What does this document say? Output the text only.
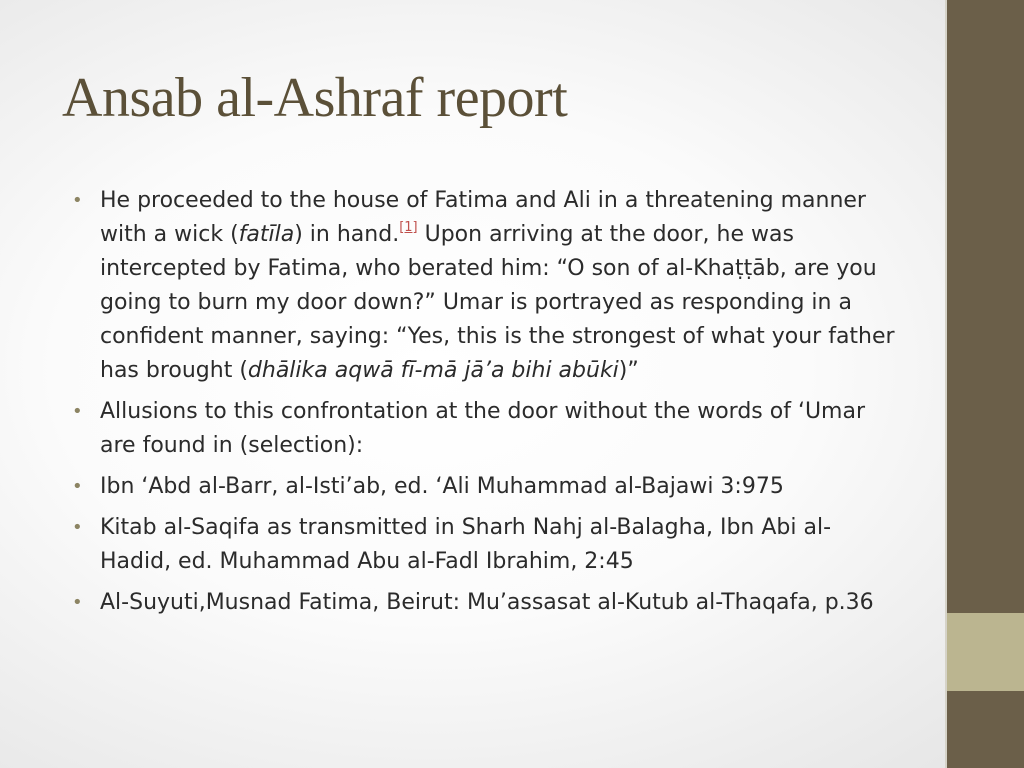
Ansab al-Ashraf report
• He proceeded to the house of Fatima and Ali in a threatening manner with a wick (fatīla) in hand.[1] Upon arriving at the door, he was intercepted by Fatima, who berated him: “O son of al-Khaṭṭāb, are you going to burn my door down?” Umar is portrayed as responding in a confident manner, saying: “Yes, this is the strongest of what your father has brought (dhālika aqwā fī-mā jā’a bihi abūki)”
• Allusions to this confrontation at the door without the words of ‘Umar are found in (selection):
• Ibn ‘Abd al-Barr, al-Isti’ab, ed. ‘Ali Muhammad al-Bajawi 3:975
• Kitab al-Saqifa as transmitted in Sharh Nahj al-Balagha, Ibn Abi al-Hadid, ed. Muhammad Abu al-Fadl Ibrahim, 2:45
• Al-Suyuti,Musnad Fatima, Beirut: Mu’assasat al-Kutub al-Thaqafa, p.36
